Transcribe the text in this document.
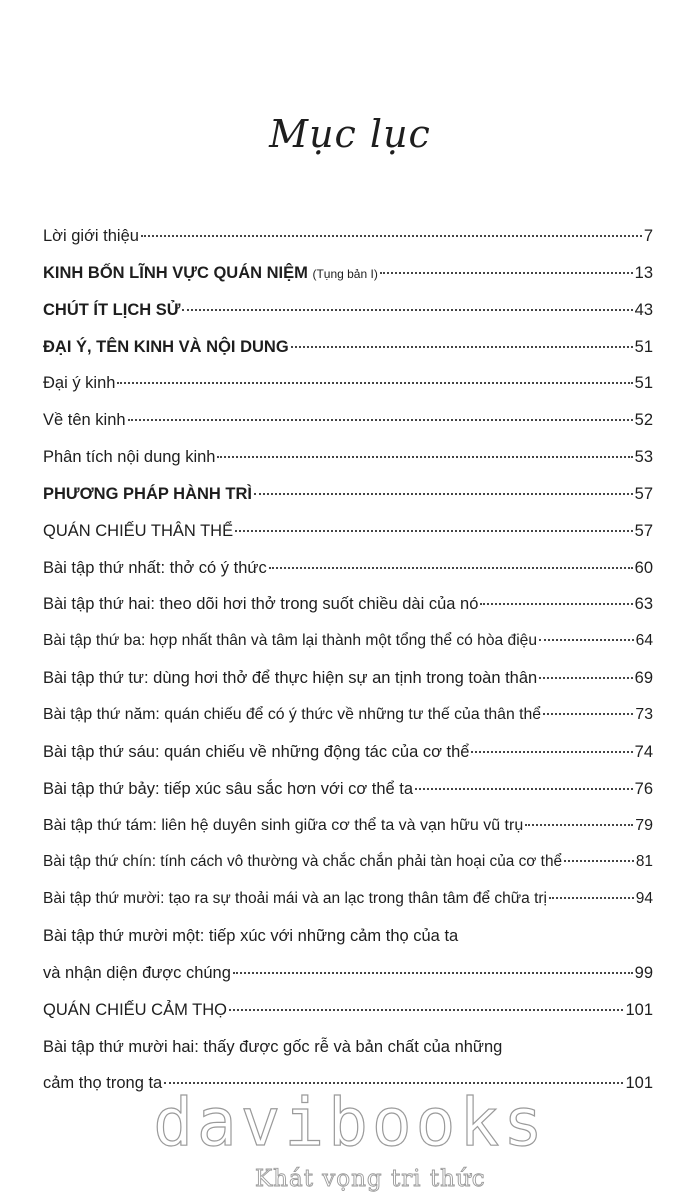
Mục lục
Lời giới thiệu	7
KINH BỐN LĨNH VỰC QUÁN NIỆM (Tụng bản I)	13
CHÚT ÍT LỊCH SỬ	43
ĐẠI Ý, TÊN KINH VÀ NỘI DUNG	51
Đại ý kinh	51
Về tên kinh	52
Phân tích nội dung kinh	53
PHƯƠNG PHÁP HÀNH TRÌ	57
QUÁN CHIẾU THÂN THỂ	57
Bài tập thứ nhất: thở có ý thức	60
Bài tập thứ hai: theo dõi hơi thở trong suốt chiều dài của nó	63
Bài tập thứ ba: hợp nhất thân và tâm lại thành một tổng thể có hòa điệu	64
Bài tập thứ tư: dùng hơi thở để thực hiện sự an tịnh trong toàn thân	69
Bài tập thứ năm: quán chiếu để có ý thức về những tư thế của thân thể	73
Bài tập thứ sáu: quán chiếu về những động tác của cơ thể	74
Bài tập thứ bảy: tiếp xúc sâu sắc hơn với cơ thể ta	76
Bài tập thứ tám: liên hệ duyên sinh giữa cơ thể ta và vạn hữu vũ trụ	79
Bài tập thứ chín: tính cách vô thường và chắc chắn phải tàn hoại của cơ thể	81
Bài tập thứ mười: tạo ra sự thoải mái và an lạc trong thân tâm để chữa trị	94
Bài tập thứ mười một: tiếp xúc với những cảm thọ của ta
và nhận diện được chúng	99
QUÁN CHIẾU CẢM THỌ	101
Bài tập thứ mười hai: thấy được gốc rễ và bản chất của những
cảm thọ trong ta	101
davibooks
Khát vọng tri thức
